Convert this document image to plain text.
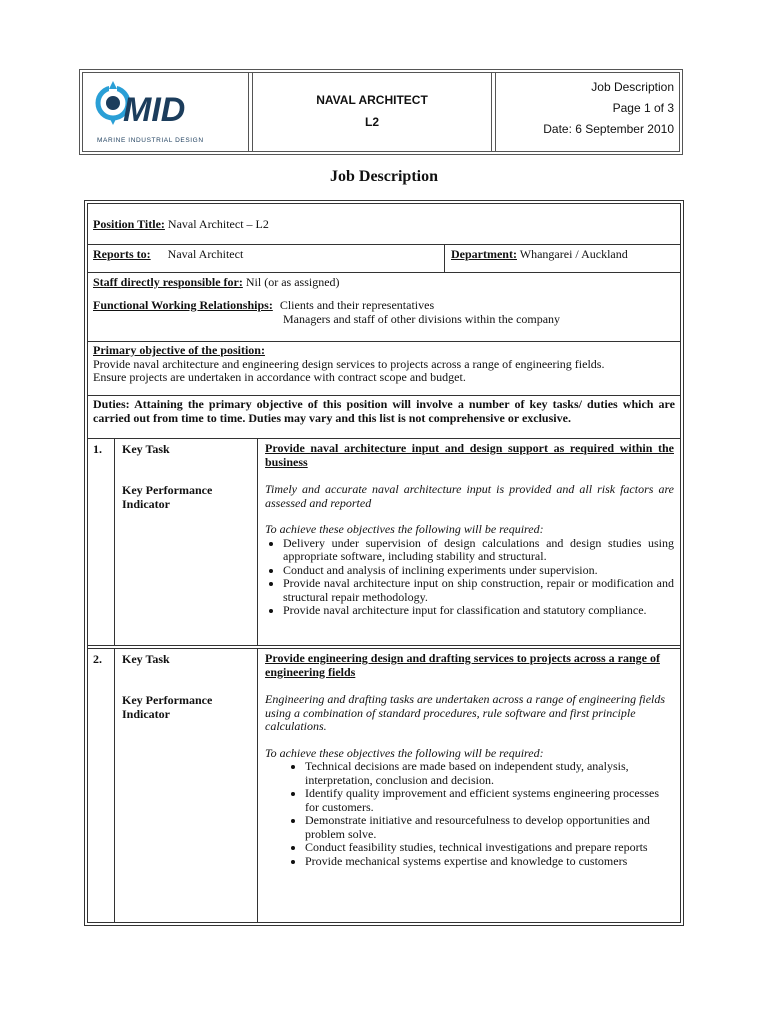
MID
MARINE INDUSTRIAL DESIGN
NAVAL ARCHITECT
L2
Job Description
Page 1 of 3
Date: 6 September 2010
Job Description
Position Title: Naval Architect – L2
Reports to: Naval Architect	Department: Whangarei / Auckland

Staff directly responsible for: Nil (or as assigned)

Functional Working Relationships: Clients and their representatives
Managers and staff of other divisions within the company

Primary objective of the position:

Provide naval architecture and engineering design services to projects across a range of engineering fields.

Ensure projects are undertaken in accordance with contract scope and budget.

Duties: Attaining the primary objective of this position will involve a number of key tasks/ duties which are carried out from time to time. Duties may vary and this list is not comprehensive or exclusive.
1. Key Task
Key Performance Indicator

Provide naval architecture input and design support as required within the business

Timely and accurate naval architecture input is provided and all risk factors are assessed and reported

To achieve these objectives the following will be required:

• Delivery under supervision of design calculations and design studies using appropriate software, including stability and structural.
• Conduct and analysis of inclining experiments under supervision.
• Provide naval architecture input on ship construction, repair or modification and structural repair methodology.
• Provide naval architecture input for classification and statutory compliance.
2. Key Task
Key Performance Indicator

Provide engineering design and drafting services to projects across a range of engineering fields

Engineering and drafting tasks are undertaken across a range of engineering fields using a combination of standard procedures, rule software and first principle calculations.

To achieve these objectives the following will be required:

• Technical decisions are made based on independent study, analysis, interpretation, conclusion and decision.
• Identify quality improvement and efficient systems engineering processes for customers.
• Demonstrate initiative and resourcefulness to develop opportunities and problem solve.
• Conduct feasibility studies, technical investigations and prepare reports
• Provide mechanical systems expertise and knowledge to customers
